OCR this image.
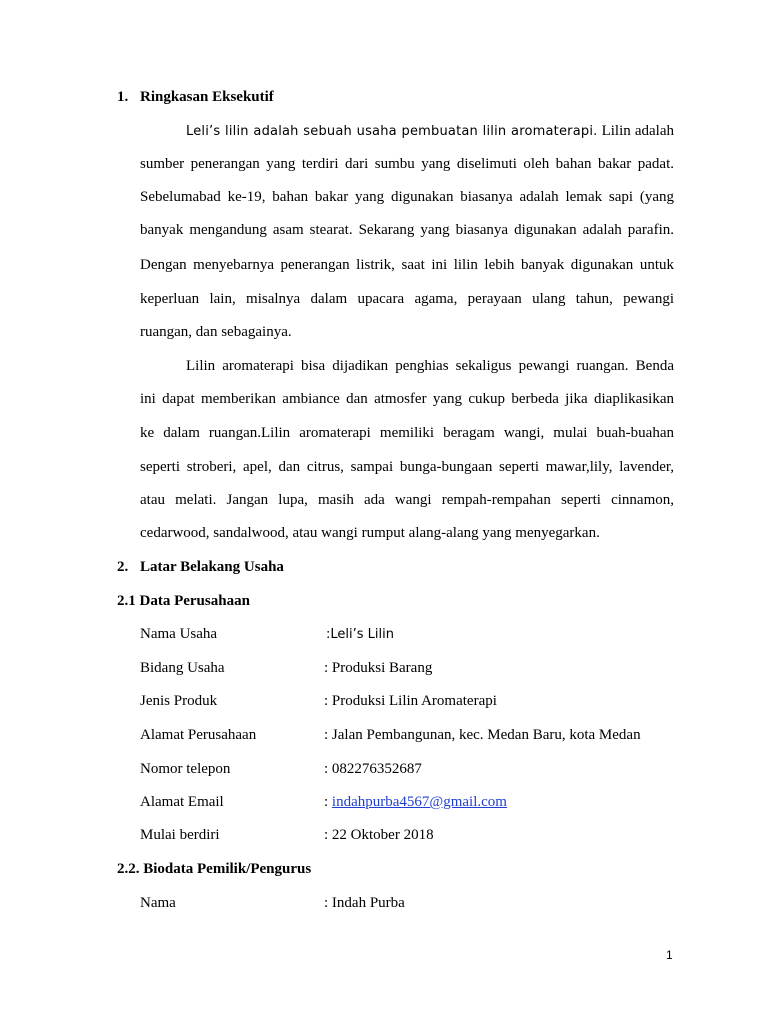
1. Ringkasan Eksekutif
Leli’s lilin adalah sebuah usaha pembuatan lilin aromaterapi. Lilin adalah
sumber penerangan yang terdiri dari sumbu yang diselimuti oleh bahan bakar padat.
Sebelumabad ke-19, bahan bakar yang digunakan biasanya adalah lemak sapi (yang
banyak mengandung asam stearat. Sekarang yang biasanya digunakan adalah parafin.
Dengan menyebarnya penerangan listrik, saat ini lilin lebih banyak digunakan untuk
keperluan lain, misalnya dalam upacara agama, perayaan ulang tahun, pewangi
ruangan, dan sebagainya.
Lilin aromaterapi bisa dijadikan penghias sekaligus pewangi ruangan. Benda
ini dapat memberikan ambiance dan atmosfer yang cukup berbeda jika diaplikasikan
ke dalam ruangan.Lilin aromaterapi memiliki beragam wangi, mulai buah-buahan
seperti stroberi, apel, dan citrus, sampai bunga-bungaan seperti mawar,lily, lavender,
atau melati. Jangan lupa, masih ada wangi rempah-rempahan seperti cinnamon,
cedarwood, sandalwood, atau wangi rumput alang-alang yang menyegarkan.
2. Latar Belakang Usaha
2.1 Data Perusahaan
Nama Usaha	:Leli’s Lilin
Bidang Usaha	: Produksi Barang
Jenis Produk	: Produksi Lilin Aromaterapi
Alamat Perusahaan	: Jalan Pembangunan, kec. Medan Baru, kota Medan
Nomor telepon	: 082276352687
Alamat Email	: indahpurba4567@gmail.com
Mulai berdiri	: 22 Oktober 2018
2.2. Biodata Pemilik/Pengurus
Nama	: Indah Purba
1
